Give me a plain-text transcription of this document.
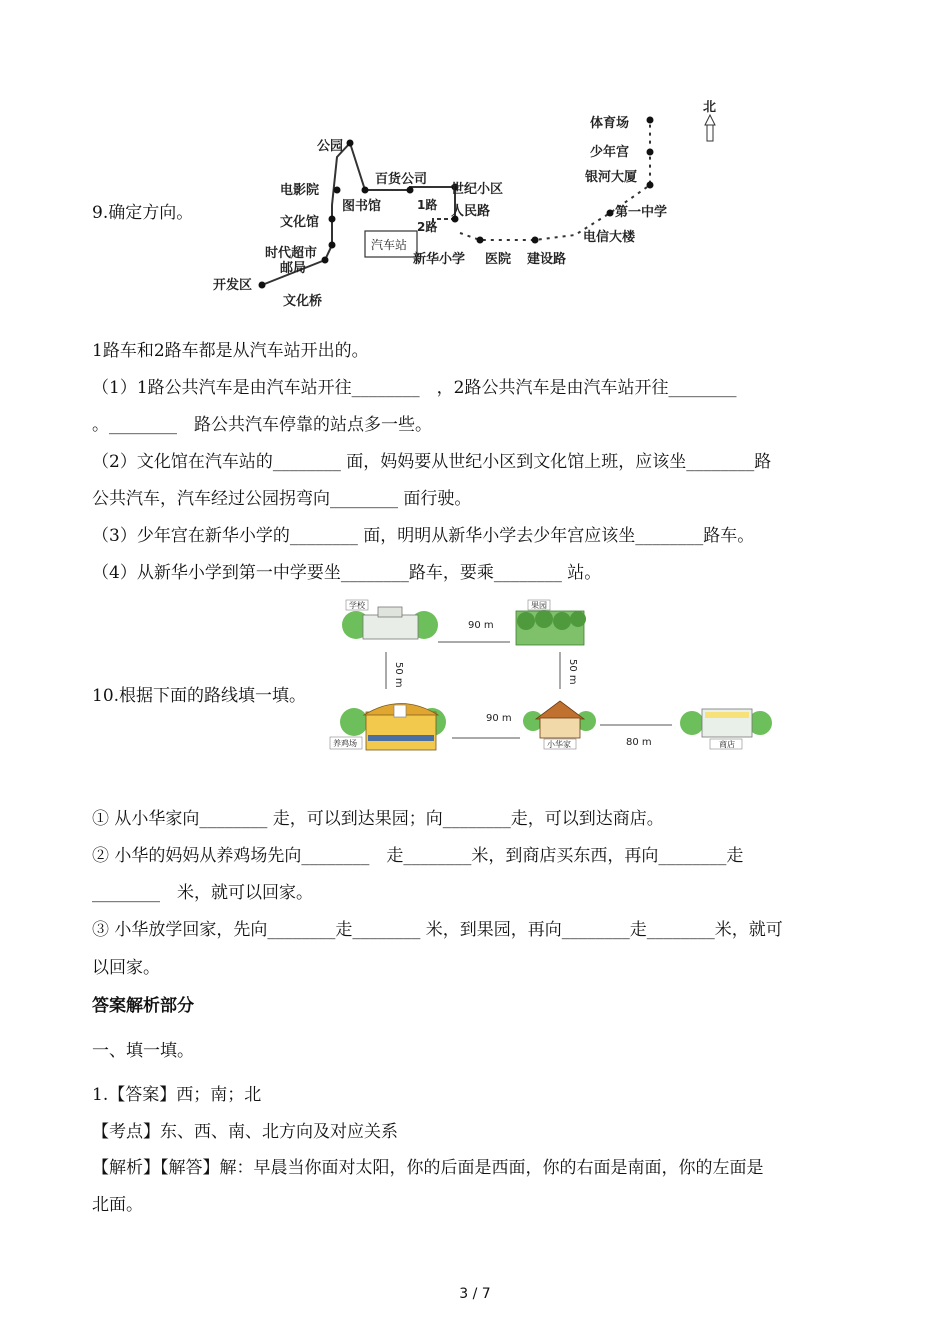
9.确定方向。
北
汽车站
公园
电影院
文化馆
时代超市
邮局
开发区
文化桥
百货公司
图书馆
世纪小区
人民路
1路
2路
新华小学 医院 建设路
电信大楼
第一中学
银河大厦
少年宫
体育场
1路车和2路车都是从汽车站开出的。
（1）1路公共汽车是由汽车站开往________　，2路公共汽车是由汽车站开往________
。________　路公共汽车停靠的站点多一些。
（2）文化馆在汽车站的________ 面，妈妈要从世纪小区到文化馆上班，应该坐________路
公共汽车，汽车经过公园拐弯向________ 面行驶。
（3）少年宫在新华小学的________ 面，明明从新华小学去少年宫应该坐________路车。
（4）从新华小学到第一中学要坐________路车，要乘________ 站。
10.根据下面的路线填一填。
学校	果园
90 m
50 m	50 m
养鸡场
90 m
小华家	80 m	商店
① 从小华家向________ 走，可以到达果园；向________走，可以到达商店。
② 小华的妈妈从养鸡场先向________　走________米，到商店买东西，再向________走
________　米，就可以回家。
③ 小华放学回家，先向________走________ 米，到果园，再向________走________米，就可
以回家。
答案解析部分
一、填一填。
1.【答案】西；南；北
【考点】东、西、南、北方向及对应关系
【解析】【解答】解：早晨当你面对太阳，你的后面是西面，你的右面是南面，你的左面是
北面。
3 / 7
